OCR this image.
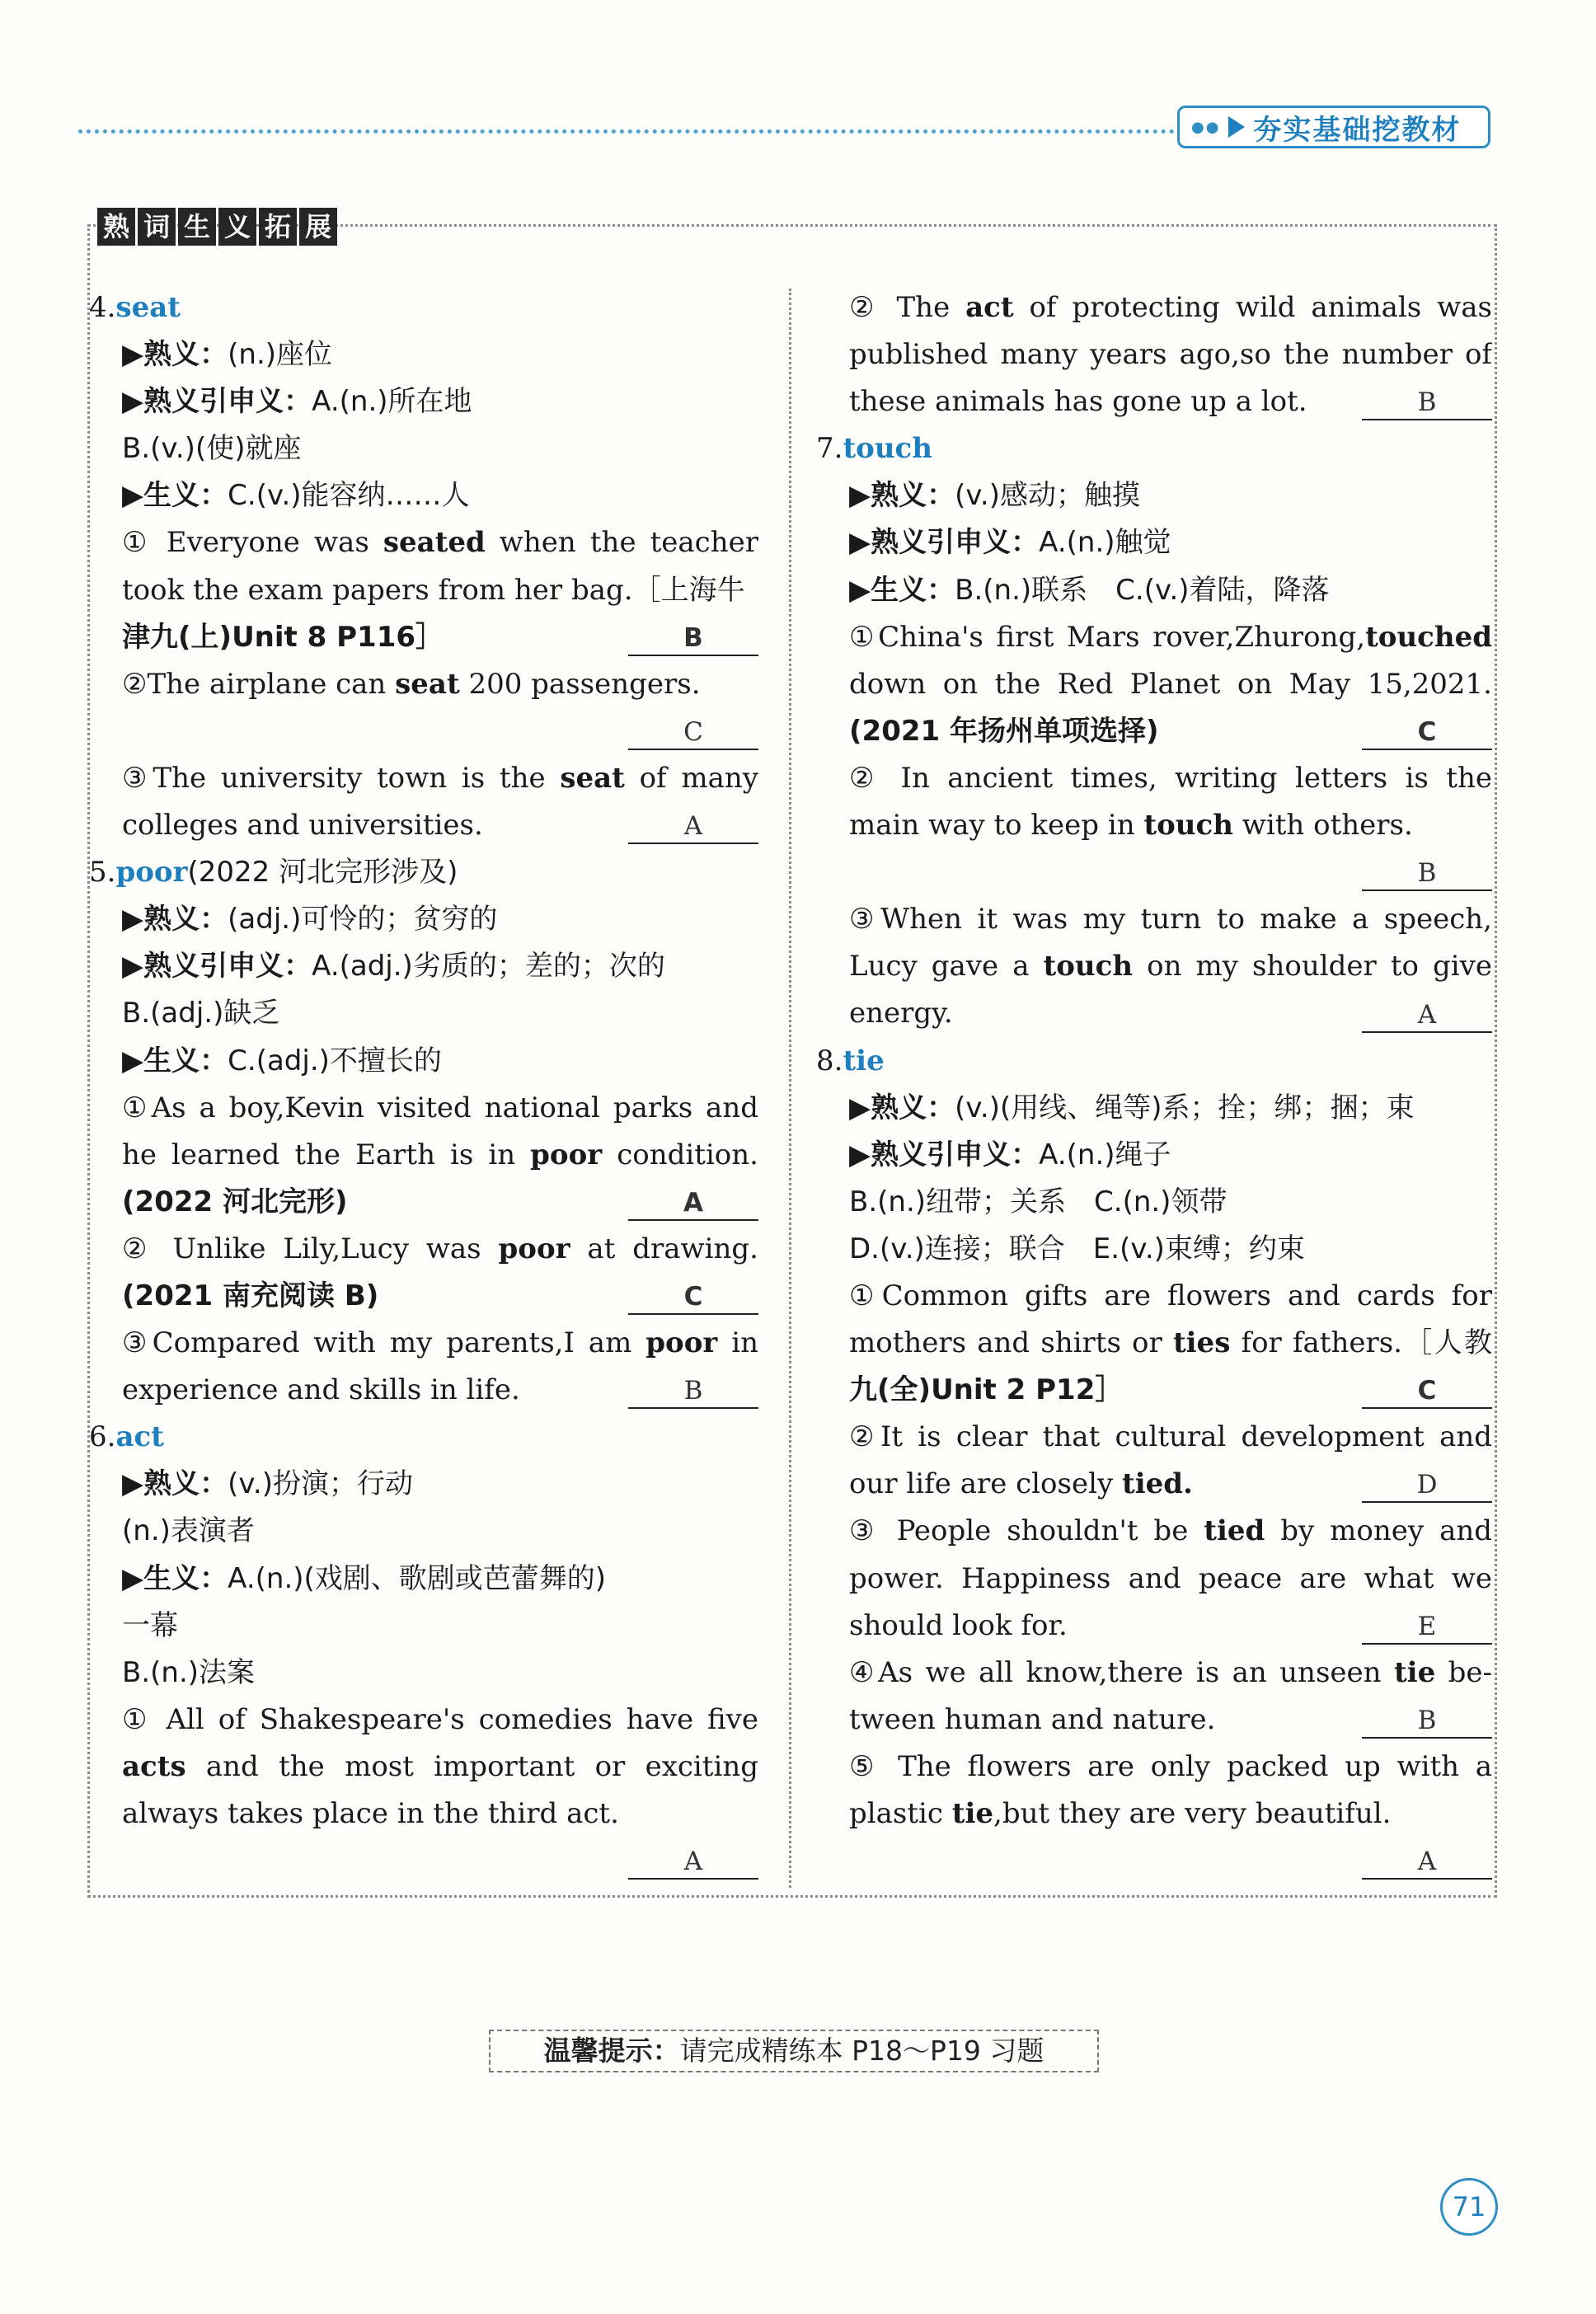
●● 夯实基础挖教材
熟 词 生 义 拓 展
4.seat
▶熟义：(n.)座位
▶熟义引申义：A.(n.)所在地
B.(v.)(使)就座
▶生义：C.(v.)能容纳……人
① Everyone was seated when the teacher
took the exam papers from her bag.［上海牛
津九(上)Unit 8 P116］	B
②The airplane can seat 200 passengers.
C
③The university town is the seat of many
colleges and universities.	A
5.poor(2022 河北完形涉及)
▶熟义：(adj.)可怜的；贫穷的
▶熟义引申义：A.(adj.)劣质的；差的；次的
B.(adj.)缺乏
▶生义：C.(adj.)不擅长的
①As a boy,Kevin visited national parks and
he learned the Earth is in poor condition.
(2022 河北完形)	A
② Unlike Lily,Lucy was poor at drawing.
(2021 南充阅读 B)	C
③Compared with my parents,I am poor in
experience and skills in life.	B
6.act
▶熟义：(v.)扮演；行动
(n.)表演者
▶生义：A.(n.)(戏剧、歌剧或芭蕾舞的)
一幕
B.(n.)法案
① All of Shakespeare's comedies have five
acts and the most important or exciting
always takes place in the third act.
A
② The act of protecting wild animals was
published many years ago,so the number of
these animals has gone up a lot.	B
7.touch
▶熟义：(v.)感动；触摸
▶熟义引申义：A.(n.)触觉
▶生义：B.(n.)联系　C.(v.)着陆，降落
①China's first Mars rover,Zhurong,touched
down on the Red Planet on May 15,2021.
(2021 年扬州单项选择)	C
② In ancient times, writing letters is the
main way to keep in touch with others.
B
③When it was my turn to make a speech,
Lucy gave a touch on my shoulder to give
energy.	A
8.tie
▶熟义：(v.)(用线、绳等)系；拴；绑；捆；束
▶熟义引申义：A.(n.)绳子
B.(n.)纽带；关系　C.(n.)领带
D.(v.)连接；联合　E.(v.)束缚；约束
①Common gifts are flowers and cards for
mothers and shirts or ties for fathers.［人教
九(全)Unit 2 P12］	C
②It is clear that cultural development and
our life are closely tied.	D
③ People shouldn't be tied by money and
power. Happiness and peace are what we
should look for.	E
④As we all know,there is an unseen tie be-
tween human and nature.	B
⑤ The flowers are only packed up with a
plastic tie,but they are very beautiful.
A
温馨提示：请完成精练本 P18～P19 习题
71
